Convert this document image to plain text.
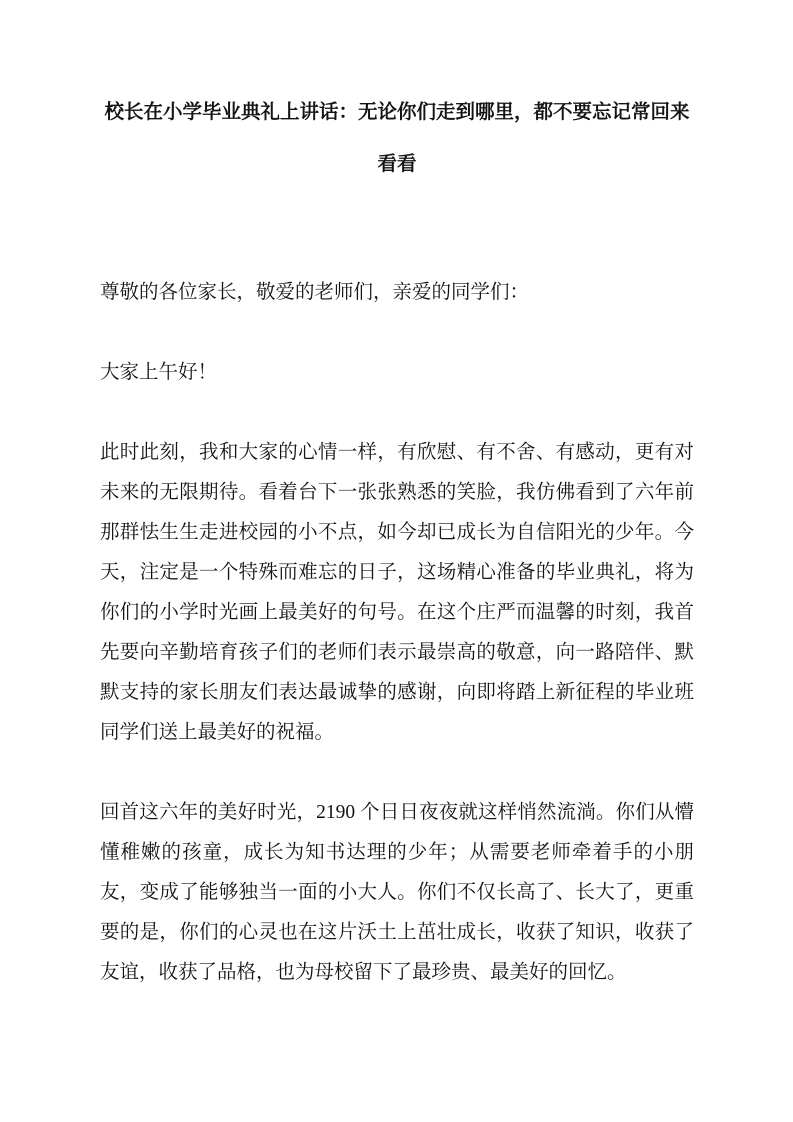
校长在小学毕业典礼上讲话：无论你们走到哪里，都不要忘记常回来看看

尊敬的各位家长，敬爱的老师们，亲爱的同学们：

大家上午好！

此时此刻，我和大家的心情一样，有欣慰、有不舍、有感动，更有对未来的无限期待。看着台下一张张熟悉的笑脸，我仿佛看到了六年前那群怯生生走进校园的小不点，如今却已成长为自信阳光的少年。今天，注定是一个特殊而难忘的日子，这场精心准备的毕业典礼，将为你们的小学时光画上最美好的句号。在这个庄严而温馨的时刻，我首先要向辛勤培育孩子们的老师们表示最崇高的敬意，向一路陪伴、默默支持的家长朋友们表达最诚挚的感谢，向即将踏上新征程的毕业班同学们送上最美好的祝福。

回首这六年的美好时光，2190 个日日夜夜就这样悄然流淌。你们从懵懂稚嫩的孩童，成长为知书达理的少年；从需要老师牵着手的小朋友，变成了能够独当一面的小大人。你们不仅长高了、长大了，更重要的是，你们的心灵也在这片沃土上茁壮成长，收获了知识，收获了友谊，收获了品格，也为母校留下了最珍贵、最美好的回忆。
